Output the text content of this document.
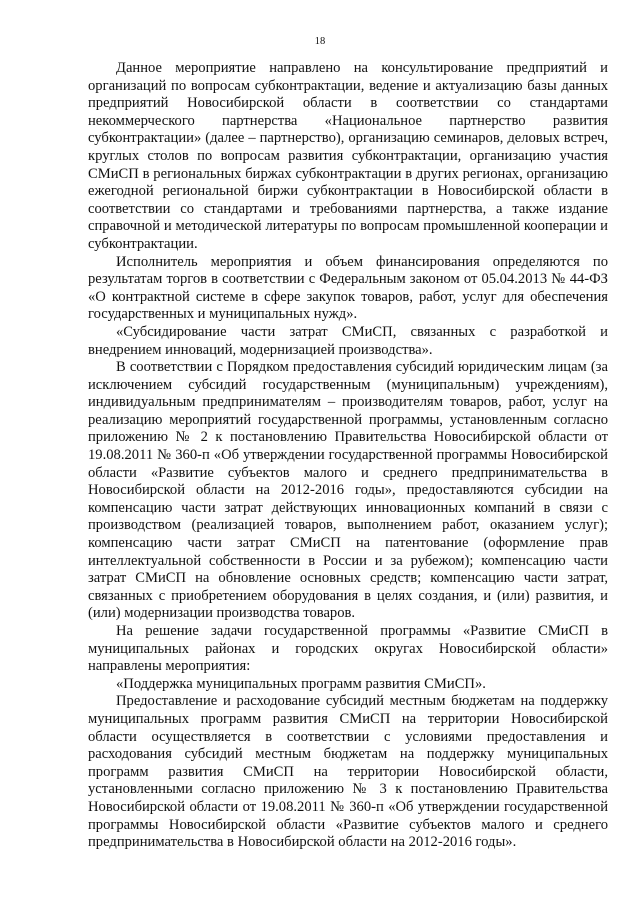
18

Данное мероприятие направлено на консультирование предприятий и организаций по вопросам субконтрактации, ведение и актуализацию базы данных предприятий Новосибирской области в соответствии со стандартами некоммерческого партнерства «Национальное партнерство развития субконтрактации» (далее – партнерство), организацию семинаров, деловых встреч, круглых столов по вопросам развития субконтрактации, организацию участия СМиСП в региональных биржах субконтрактации в других регионах, организацию ежегодной региональной биржи субконтрактации в Новосибирской области в соответствии со стандартами и требованиями партнерства, а также издание справочной и методической литературы по вопросам промышленной кооперации и субконтрактации.

Исполнитель мероприятия и объем финансирования определяются по результатам торгов в соответствии с Федеральным законом от 05.04.2013 № 44-ФЗ «О контрактной системе в сфере закупок товаров, работ, услуг для обеспечения государственных и муниципальных нужд».

«Субсидирование части затрат СМиСП, связанных с разработкой и внедрением инноваций, модернизацией производства».

В соответствии с Порядком предоставления субсидий юридическим лицам (за исключением субсидий государственным (муниципальным) учреждениям), индивидуальным предпринимателям – производителям товаров, работ, услуг на реализацию мероприятий государственной программы, установленным согласно приложению № 2 к постановлению Правительства Новосибирской области от 19.08.2011 № 360-п «Об утверждении государственной программы Новосибирской области «Развитие субъектов малого и среднего предпринимательства в Новосибирской области на 2012-2016 годы», предоставляются субсидии на компенсацию части затрат действующих инновационных компаний в связи с производством (реализацией товаров, выполнением работ, оказанием услуг); компенсацию части затрат СМиСП на патентование (оформление прав интеллектуальной собственности в России и за рубежом); компенсацию части затрат СМиСП на обновление основных средств; компенсацию части затрат, связанных с приобретением оборудования в целях создания, и (или) развития, и (или) модернизации производства товаров.

На решение задачи государственной программы «Развитие СМиСП в муниципальных районах и городских округах Новосибирской области» направлены мероприятия:

«Поддержка муниципальных программ развития СМиСП».

Предоставление и расходование субсидий местным бюджетам на поддержку муниципальных программ развития СМиСП на территории Новосибирской области осуществляется в соответствии с условиями предоставления и расходования субсидий местным бюджетам на поддержку муниципальных программ развития СМиСП на территории Новосибирской области, установленными согласно приложению № 3 к постановлению Правительства Новосибирской области от 19.08.2011 № 360-п «Об утверждении государственной программы Новосибирской области «Развитие субъектов малого и среднего предпринимательства в Новосибирской области на 2012-2016 годы».
